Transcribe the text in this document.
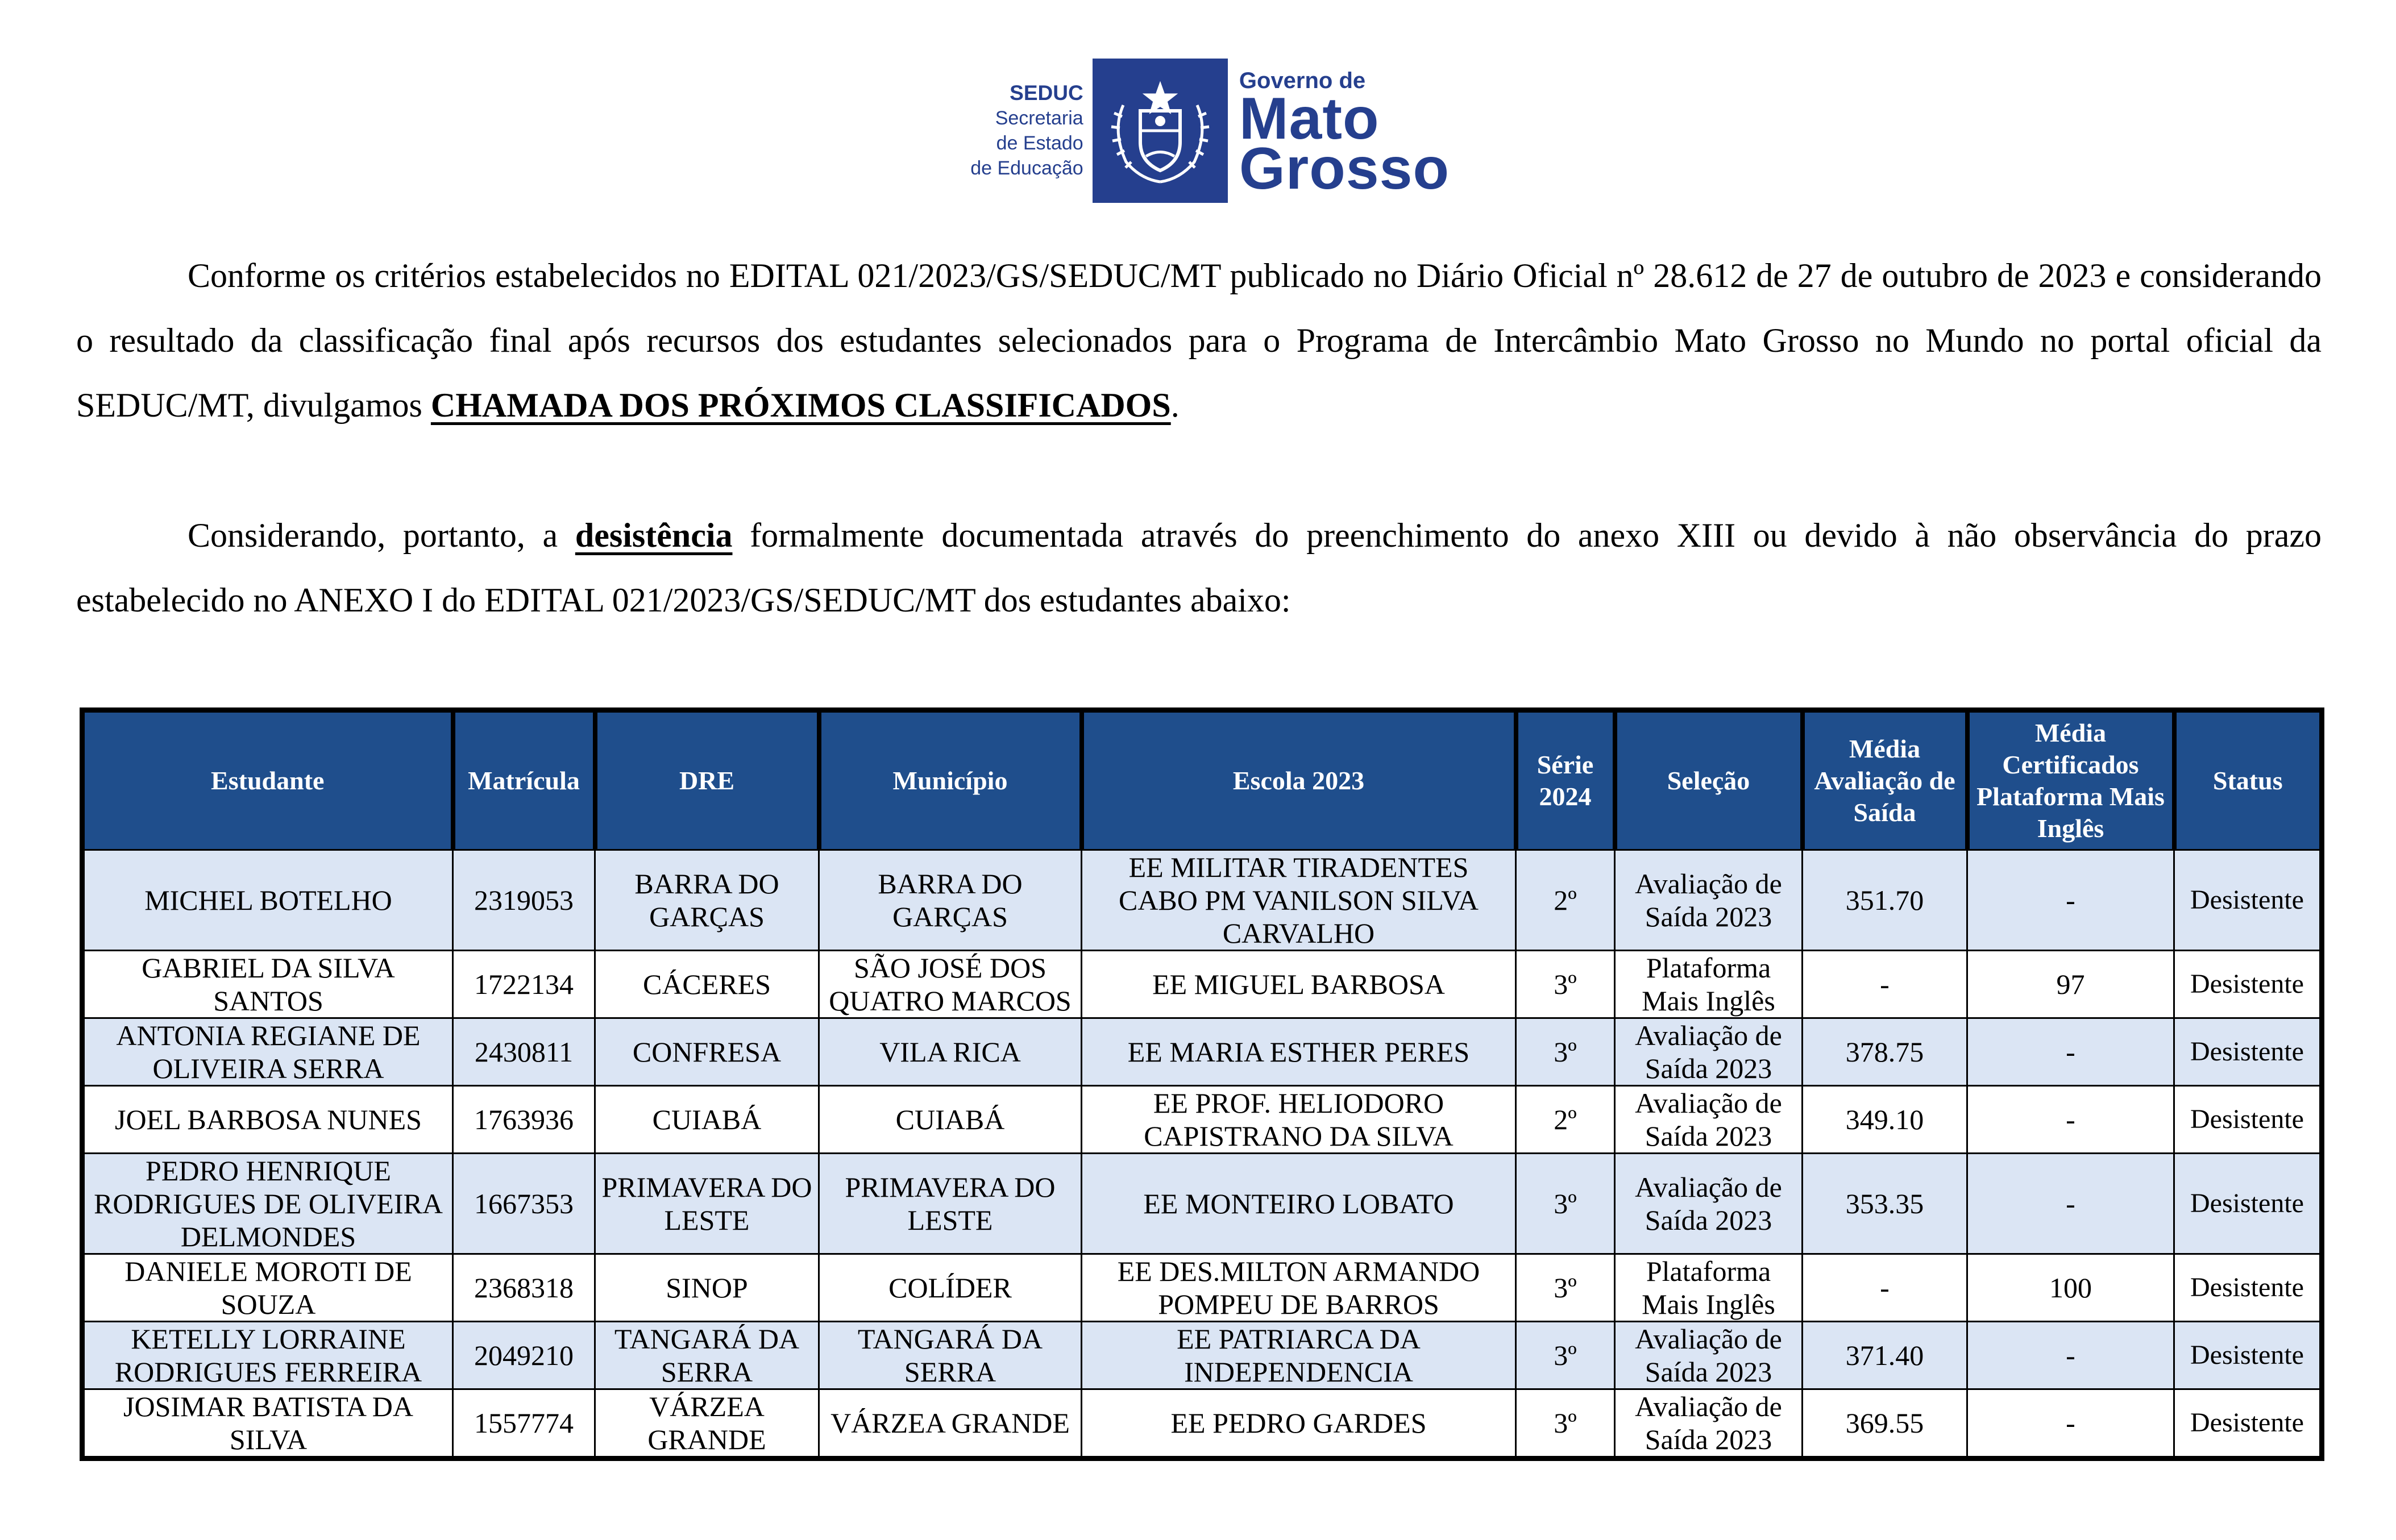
SEDUC
Secretaria
de Estado
de Educação
Governo de
Mato
Grosso

Conforme os critérios estabelecidos no EDITAL 021/2023/GS/SEDUC/MT publicado no Diário Oficial nº 28.612 de 27 de outubro de 2023 e considerando o resultado da classificação final após recursos dos estudantes selecionados para o Programa de Intercâmbio Mato Grosso no Mundo no portal oficial da SEDUC/MT, divulgamos CHAMADA DOS PRÓXIMOS CLASSIFICADOS.

Considerando, portanto, a desistência formalmente documentada através do preenchimento do anexo XIII ou devido à não observância do prazo estabelecido no ANEXO I do EDITAL 021/2023/GS/SEDUC/MT dos estudantes abaixo:

Estudante	Matrícula	DRE	Município	Escola 2023	Série 2024	Seleção	Média Avaliação de Saída	Média Certificados Plataforma Mais Inglês	Status
MICHEL BOTELHO	2319053	BARRA DO GARÇAS	BARRA DO GARÇAS	EE MILITAR TIRADENTES CABO PM VANILSON SILVA CARVALHO	2º	Avaliação de Saída 2023	351.70	-	Desistente
GABRIEL DA SILVA SANTOS	1722134	CÁCERES	SÃO JOSÉ DOS QUATRO MARCOS	EE MIGUEL BARBOSA	3º	Plataforma Mais Inglês	-	97	Desistente
ANTONIA REGIANE DE OLIVEIRA SERRA	2430811	CONFRESA	VILA RICA	EE MARIA ESTHER PERES	3º	Avaliação de Saída 2023	378.75	-	Desistente
JOEL BARBOSA NUNES	1763936	CUIABÁ	CUIABÁ	EE PROF. HELIODORO CAPISTRANO DA SILVA	2º	Avaliação de Saída 2023	349.10	-	Desistente
PEDRO HENRIQUE RODRIGUES DE OLIVEIRA DELMONDES	1667353	PRIMAVERA DO LESTE	PRIMAVERA DO LESTE	EE MONTEIRO LOBATO	3º	Avaliação de Saída 2023	353.35	-	Desistente
DANIELE MOROTI DE SOUZA	2368318	SINOP	COLÍDER	EE DES.MILTON ARMANDO POMPEU DE BARROS	3º	Plataforma Mais Inglês	-	100	Desistente
KETELLY LORRAINE RODRIGUES FERREIRA	2049210	TANGARÁ DA SERRA	TANGARÁ DA SERRA	EE PATRIARCA DA INDEPENDENCIA	3º	Avaliação de Saída 2023	371.40	-	Desistente
JOSIMAR BATISTA DA SILVA	1557774	VÁRZEA GRANDE	VÁRZEA GRANDE	EE PEDRO GARDES	3º	Avaliação de Saída 2023	369.55	-	Desistente
